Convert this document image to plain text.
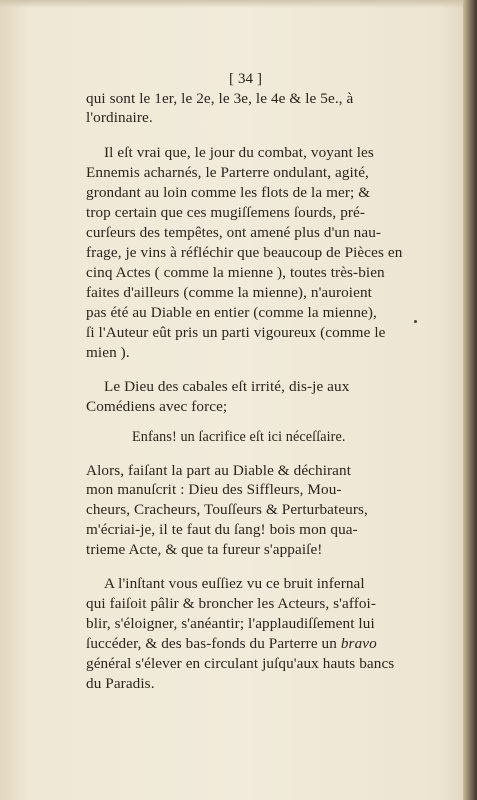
[ 34 ]
qui sont le 1er, le 2e, le 3e, le 4e & le 5e., à
l'ordinaire.
Il eſt vrai que, le jour du combat, voyant les
Ennemis acharnés, le Parterre ondulant, agité,
grondant au loin comme les flots de la mer; &
trop certain que ces mugiſſemens ſourds, pré-
curſeurs des tempêtes, ont amené plus d'un nau-
frage, je vins à réfléchir que beaucoup de Pièces en
cinq Actes ( comme la mienne ), toutes très-bien
faites d'ailleurs (comme la mienne), n'auroient
pas été au Diable en entier (comme la mienne),
ſi l'Auteur eût pris un parti vigoureux (comme le
mien ).
Le Dieu des cabales eſt irrité, dis-je aux
Comédiens avec force;
Enfans! un ſacrifice eſt ici néceſſaire.
Alors, faiſant la part au Diable & déchirant
mon manuſcrit : Dieu des Siffleurs, Mou-
cheurs, Cracheurs, Touſſeurs & Perturbateurs,
m'écriai-je, il te faut du ſang! bois mon qua-
trieme Acte, & que ta fureur s'appaiſe!
A l'inſtant vous euſſiez vu ce bruit infernal
qui faiſoit pâlir & broncher les Acteurs, s'affoi-
blir, s'éloigner, s'anéantir; l'applaudiſſement lui
ſuccéder, & des bas-fonds du Parterre un bravo
général s'élever en circulant juſqu'aux hauts bancs
du Paradis.
